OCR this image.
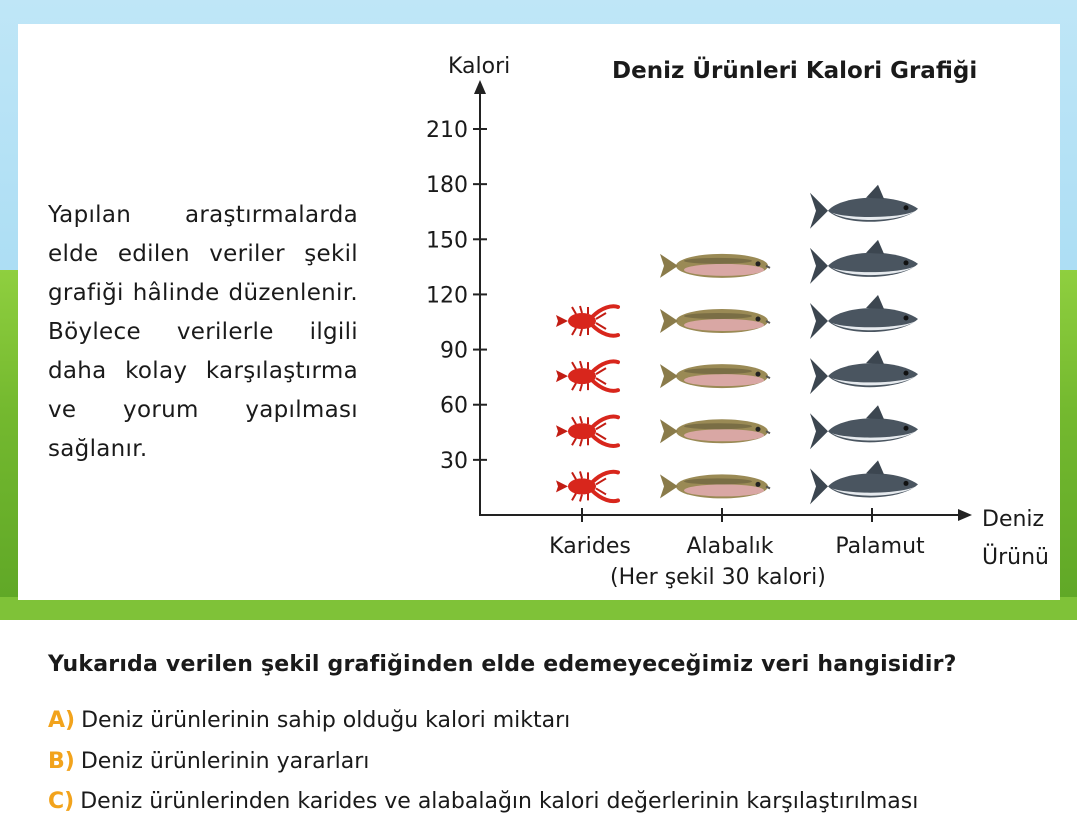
Yapılan araştırmalarda elde edilen veriler şekil grafiği hâlinde düzenlenir. Böylece verilerle ilgili daha kolay karşılaştırma ve yorum yapılması sağlanır.
Kalori	Deniz Ürünleri Kalori Grafiği
30
60
90
120
150
180
210
Karides	Alabalık	Palamut
Deniz
Ürünü
(Her şekil 30 kalori)
Yukarıda verilen şekil grafiğinden elde edemeyeceğimiz veri hangisidir?
A) Deniz ürünlerinin sahip olduğu kalori miktarı
B) Deniz ürünlerinin yararları
C) Deniz ürünlerinden karides ve alabalağın kalori değerlerinin karşılaştırılması
